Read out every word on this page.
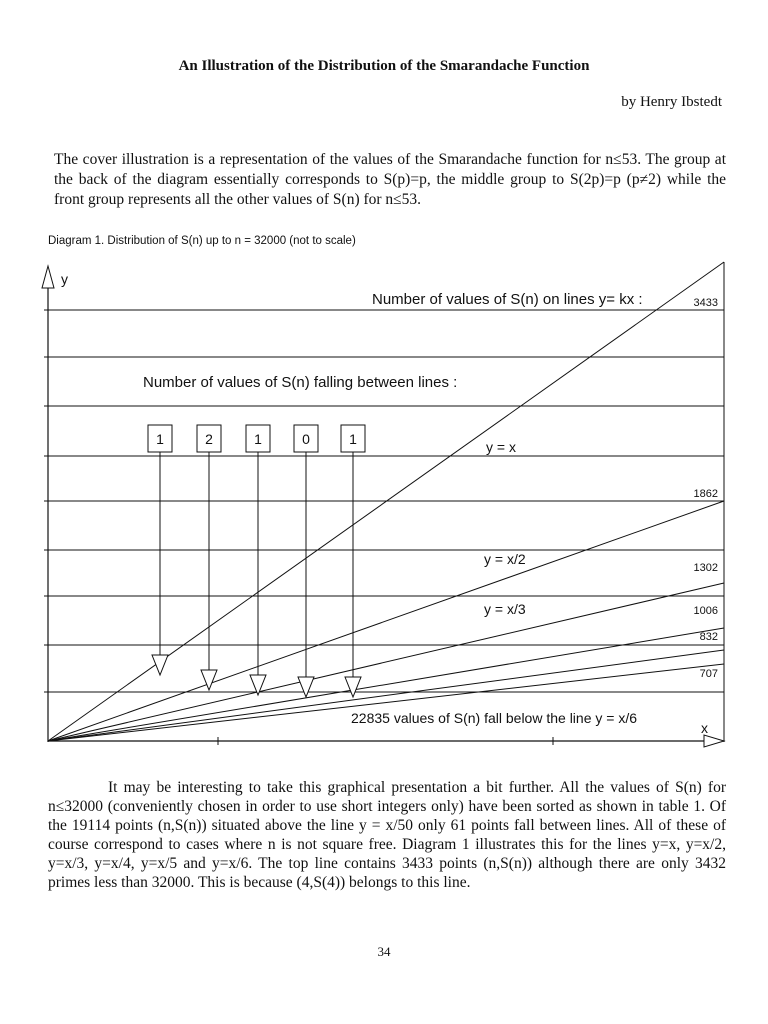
An Illustration of the Distribution of the Smarandache Function
by Henry Ibstedt

The cover illustration is a representation of the values of the Smarandache function for n≤53. The group at the back of the diagram essentially corresponds to S(p)=p, the middle group to S(2p)=p (p≠2) while the front group represents all the other values of S(n) for n≤53.

Diagram 1. Distribution of S(n) up to n = 32000 (not to scale)
y
x
Number of values of S(n) on lines y= kx :
Number of values of S(n) falling between lines :
y = x
y = x/2
y = x/3
22835 values of S(n) fall below the line y = x/6
3433
1862
1302
1006
832
707
1	2	1	0	1

It may be interesting to take this graphical presentation a bit further. All the values of S(n) for n≤32000 (conveniently chosen in order to use short integers only) have been sorted as shown in table 1. Of the 19114 points (n,S(n)) situated above the line y = x/50 only 61 points fall between lines. All of these of course correspond to cases where n is not square free. Diagram 1 illustrates this for the lines y=x, y=x/2, y=x/3, y=x/4, y=x/5 and y=x/6. The top line contains 3433 points (n,S(n)) although there are only 3432 primes less than 32000. This is because (4,S(4)) belongs to this line.

34
